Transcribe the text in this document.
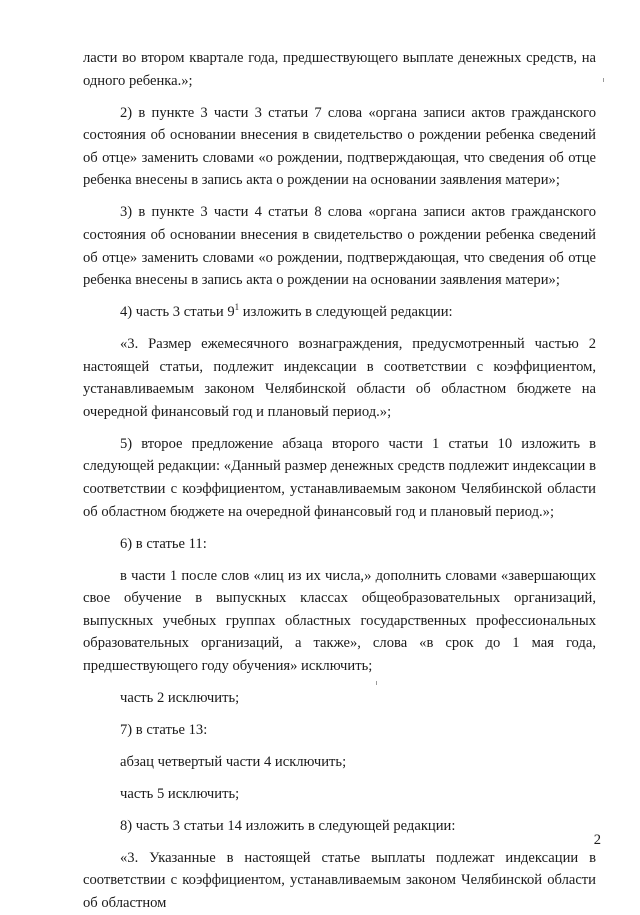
ласти во втором квартале года, предшествующего выплате денежных средств, на одного ребенка.»;

2) в пункте 3 части 3 статьи 7 слова «органа записи актов гражданского состояния об основании внесения в свидетельство о рождении ребенка сведений об отце» заменить словами «о рождении, подтверждающая, что сведения об отце ребенка внесены в запись акта о рождении на основании заявления матери»;

3) в пункте 3 части 4 статьи 8 слова «органа записи актов гражданского состояния об основании внесения в свидетельство о рождении ребенка сведений об отце» заменить словами «о рождении, подтверждающая, что сведения об отце ребенка внесены в запись акта о рождении на основании заявления матери»;

4) часть 3 статьи $9^1$ изложить в следующей редакции:

«3. Размер ежемесячного вознаграждения, предусмотренный частью 2 настоящей статьи, подлежит индексации в соответствии с коэффициентом, устанавливаемым законом Челябинской области об областном бюджете на очередной финансовый год и плановый период.»;

5) второе предложение абзаца второго части 1 статьи 10 изложить в следующей редакции: «Данный размер денежных средств подлежит индексации в соответствии с коэффициентом, устанавливаемым законом Челябинской области об областном бюджете на очередной финансовый год и плановый период.»;

6) в статье 11:

в части 1 после слов «лиц из их числа,» дополнить словами «завершающих свое обучение в выпускных классах общеобразовательных организаций, выпускных учебных группах областных государственных профессиональных образовательных организаций, а также», слова «в срок до 1 мая года, предшествующего году обучения» исключить;

часть 2 исключить;

7) в статье 13:

абзац четвертый части 4 исключить;

часть 5 исключить;

8) часть 3 статьи 14 изложить в следующей редакции:

«3. Указанные в настоящей статье выплаты подлежат индексации в соответствии с коэффициентом, устанавливаемым законом Челябинской области об областном

2
